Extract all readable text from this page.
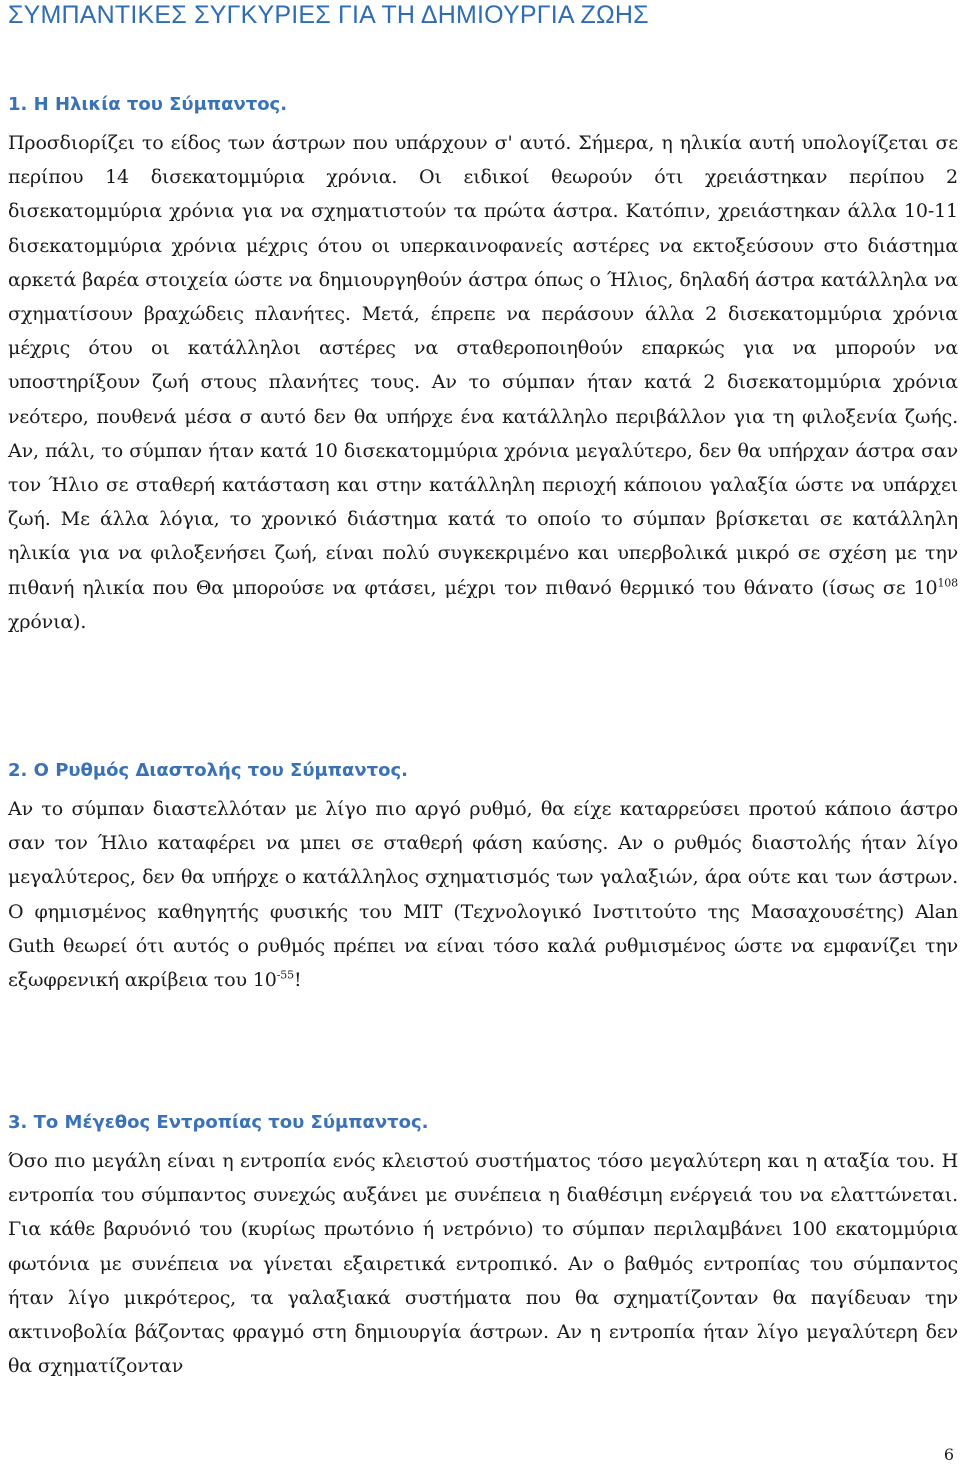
ΣΥΜΠΑΝΤΙΚΕΣ ΣΥΓΚΥΡΙΕΣ ΓΙΑ ΤΗ ΔΗΜΙΟΥΡΓΙΑ ΖΩΗΣ
1. Η Ηλικία του Σύμπαντος.

Προσδιορίζει το είδος των άστρων που υπάρχουν σ' αυτό. Σήμερα, η ηλικία αυτή υπολογίζεται σε περίπου 14 δισεκατομμύρια χρόνια. Οι ειδικοί θεωρούν ότι χρειάστηκαν περίπου 2 δισεκατομμύρια χρόνια για να σχηματιστούν τα πρώτα άστρα. Κατόπιν, χρειάστηκαν άλλα 10-11 δισεκατομμύρια χρόνια μέχρις ότου οι υπερκαινοφανείς αστέρες να εκτοξεύσουν στο διάστημα αρκετά βαρέα στοιχεία ώστε να δημιουργηθούν άστρα όπως ο Ήλιος, δηλαδή άστρα κατάλληλα να σχηματίσουν βραχώδεις πλανήτες. Μετά, έπρεπε να περάσουν άλλα 2 δισεκατομμύρια χρόνια μέχρις ότου οι κατάλληλοι αστέρες να σταθεροποιηθούν επαρκώς για να μπορούν να υποστηρίξουν ζωή στους πλανήτες τους. Αν το σύμπαν ήταν κατά 2 δισεκατομμύρια χρόνια νεότερο, πουθενά μέσα σ αυτό δεν θα υπήρχε ένα κατάλληλο περιβάλλον για τη φιλοξενία ζωής. Αν, πάλι, το σύμπαν ήταν κατά 10 δισεκατομμύρια χρόνια μεγαλύτερο, δεν θα υπήρχαν άστρα σαν τον Ήλιο σε σταθερή κατάσταση και στην κατάλληλη περιοχή κάποιου γαλαξία ώστε να υπάρχει ζωή. Με άλλα λόγια, το χρονικό διάστημα κατά το οποίο το σύμπαν βρίσκεται σε κατάλληλη ηλικία για να φιλοξενήσει ζωή, είναι πολύ συγκεκριμένο και υπερβολικά μικρό σε σχέση με την πιθανή ηλικία που Θα μπορούσε να φτάσει, μέχρι τον πιθανό θερμικό του θάνατο (ίσως σε $10^{108}$ χρόνια).

2. Ο Ρυθμός Διαστολής του Σύμπαντος.

Αν το σύμπαν διαστελλόταν με λίγο πιο αργό ρυθμό, θα είχε καταρρεύσει προτού κάποιο άστρο σαν τον Ήλιο καταφέρει να μπει σε σταθερή φάση καύσης. Αν ο ρυθμός διαστολής ήταν λίγο μεγαλύτερος, δεν θα υπήρχε ο κατάλληλος σχηματισμός των γαλαξιών, άρα ούτε και των άστρων. Ο φημισμένος καθηγητής φυσικής του ΜΙΤ (Τεχνολογικό Ινστιτούτο της Μασαχουσέτης) Alan Guth θεωρεί ότι αυτός ο ρυθμός πρέπει να είναι τόσο καλά ρυθμισμένος ώστε να εμφανίζει την εξωφρενική ακρίβεια του $10^{-55}$!

3. Το Μέγεθος Εντροπίας του Σύμπαντος.

Όσο πιο μεγάλη είναι η εντροπία ενός κλειστού συστήματος τόσο μεγαλύτερη και η αταξία του. Η εντροπία του σύμπαντος συνεχώς αυξάνει με συνέπεια η διαθέσιμη ενέργειά του να ελαττώνεται. Για κάθε βαρυόνιό του (κυρίως πρωτόνιο ή νετρόνιο) το σύμπαν περιλαμβάνει 100 εκατομμύρια φωτόνια με συνέπεια να γίνεται εξαιρετικά εντροπικό. Αν ο βαθμός εντροπίας του σύμπαντος ήταν λίγο μικρότερος, τα γαλαξιακά συστήματα που θα σχηματίζονταν θα παγίδευαν την ακτινοβολία βάζοντας φραγμό στη δημιουργία άστρων. Αν η εντροπία ήταν λίγο μεγαλύτερη δεν θα σχηματίζονταν

6
